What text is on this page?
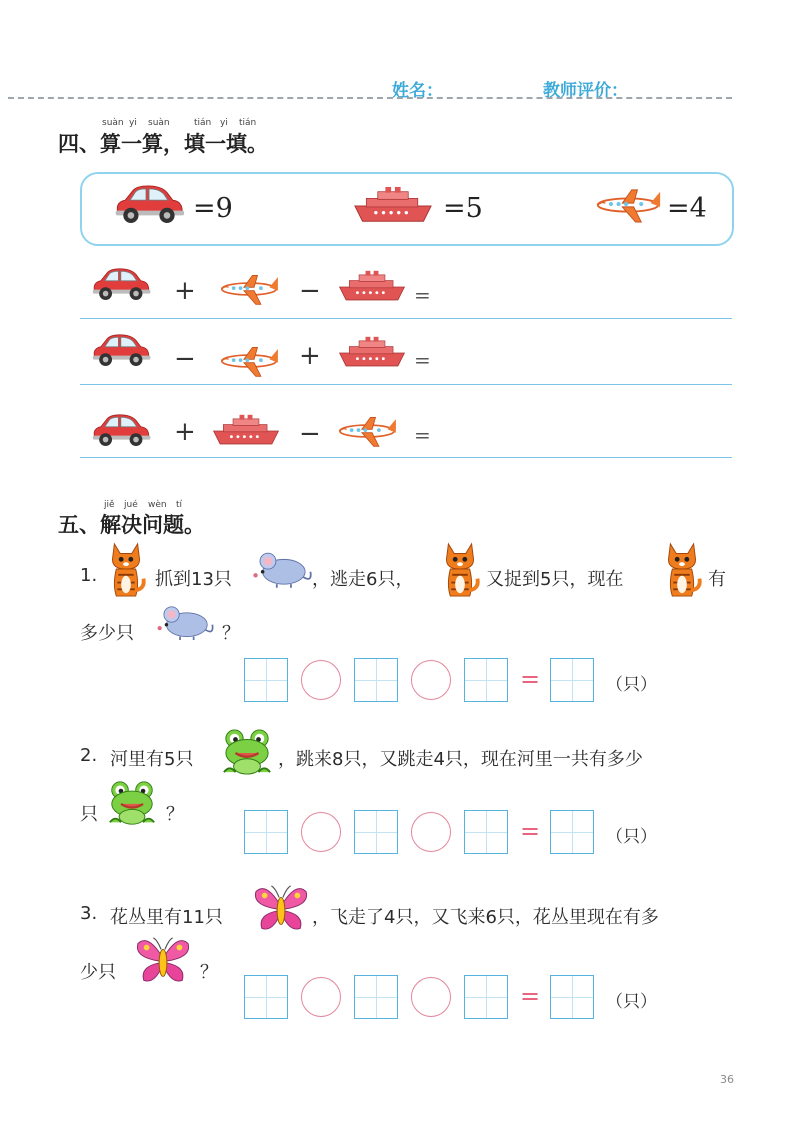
姓名：	教师评价：
四、算一算，填一填。
suàn yi suàn	tián yi tián
=9	=5	=4
+	−	=
−	+	=
+	−	=
五、解决问题。
jiě jué wèn tí
1.	抓到13只	，逃走6只，	又捉到5只，现在	有
多少只	？
=	（只）
2. 河里有5只	，跳来8只，又跳走4只，现在河里一共有多少
只	？
=	（只）
3. 花丛里有11只	，飞走了4只，又飞来6只，花丛里现在有多
少只	？
=	（只）
36
